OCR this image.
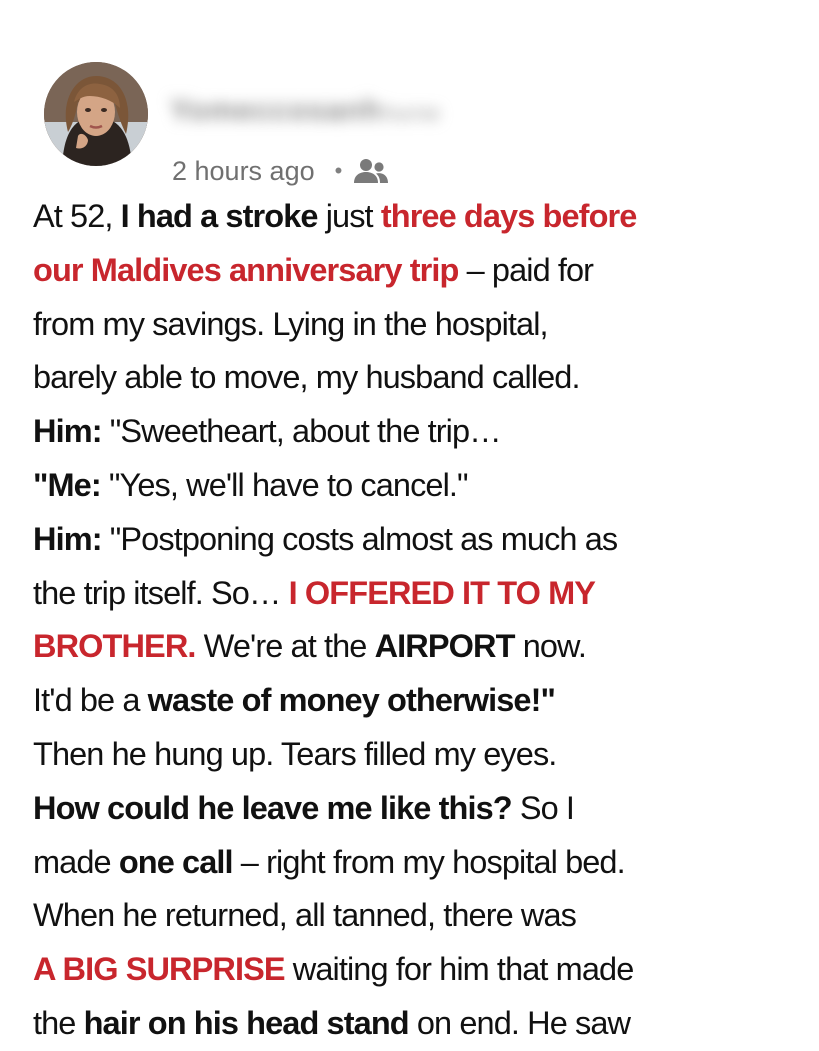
Yomeccosanh hurne
2 hours ago •
At 52, I had a stroke just three days before
our Maldives anniversary trip – paid for
from my savings. Lying in the hospital,
barely able to move, my husband called.
Him: "Sweetheart, about the trip…
"Me: "Yes, we'll have to cancel."
Him: "Postponing costs almost as much as
the trip itself. So… I OFFERED IT TO MY
BROTHER. We're at the AIRPORT now.
It'd be a waste of money otherwise!"
Then he hung up. Tears filled my eyes.
How could he leave me like this? So I
made one call – right from my hospital bed.
When he returned, all tanned, there was
A BIG SURPRISE waiting for him that made
the hair on his head stand on end. He saw
